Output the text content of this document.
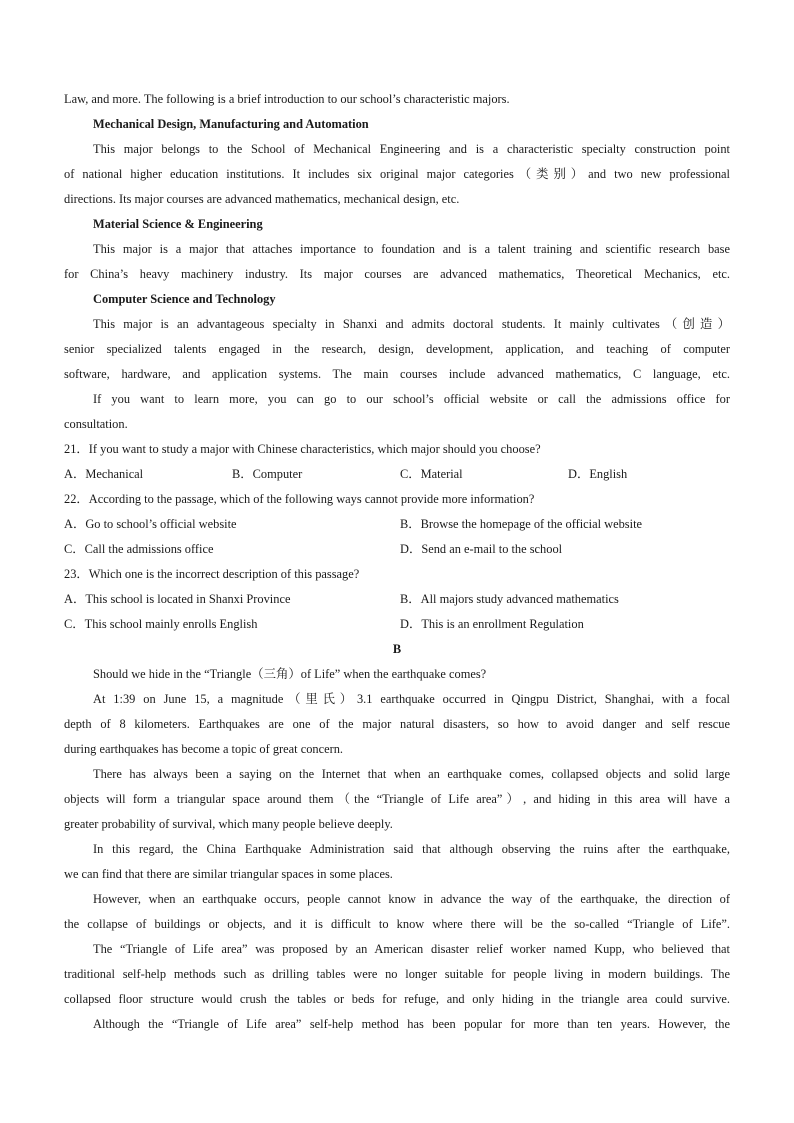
Law, and more. The following is a brief introduction to our school’s characteristic majors.
Mechanical Design, Manufacturing and Automation
This major belongs to the School of Mechanical Engineering and is a characteristic specialty construction point
of national higher education institutions. It includes six original major categories（类别）and two new professional
directions. Its major courses are advanced mathematics, mechanical design, etc.
Material Science & Engineering
This major is a major that attaches importance to foundation and is a talent training and scientific research base
for China’s heavy machinery industry. Its major courses are advanced mathematics, Theoretical Mechanics, etc.
Computer Science and Technology
This major is an advantageous specialty in Shanxi and admits doctoral students. It mainly cultivates（创造）
senior specialized talents engaged in the research, design, development, application, and teaching of computer
software, hardware, and application systems. The main courses include advanced mathematics, C language, etc.
If you want to learn more, you can go to our school’s official website or call the admissions office for
consultation.
21．If you want to study a major with Chinese characteristics, which major should you choose?
A．Mechanical	B．Computer	C．Material	D．English
22．According to the passage, which of the following ways cannot provide more information?
A．Go to school’s official website	B．Browse the homepage of the official website
C．Call the admissions office	D．Send an e-mail to the school
23．Which one is the incorrect description of this passage?
A．This school is located in Shanxi Province	B．All majors study advanced mathematics
C．This school mainly enrolls English	D．This is an enrollment Regulation
B
Should we hide in the “Triangle（三角）of Life” when the earthquake comes?
At 1:39 on June 15, a magnitude（里氏）3.1 earthquake occurred in Qingpu District, Shanghai, with a focal
depth of 8 kilometers. Earthquakes are one of the major natural disasters, so how to avoid danger and self rescue
during earthquakes has become a topic of great concern.
There has always been a saying on the Internet that when an earthquake comes, collapsed objects and solid large
objects will form a triangular space around them（the “Triangle of Life area”）, and hiding in this area will have a
greater probability of survival, which many people believe deeply.
In this regard, the China Earthquake Administration said that although observing the ruins after the earthquake,
we can find that there are similar triangular spaces in some places.
However, when an earthquake occurs, people cannot know in advance the way of the earthquake, the direction of
the collapse of buildings or objects, and it is difficult to know where there will be the so-called “Triangle of Life”.
The “Triangle of Life area” was proposed by an American disaster relief worker named Kupp, who believed that
traditional self-help methods such as drilling tables were no longer suitable for people living in modern buildings. The
collapsed floor structure would crush the tables or beds for refuge, and only hiding in the triangle area could survive.
Although the “Triangle of Life area” self-help method has been popular for more than ten years. However, the
